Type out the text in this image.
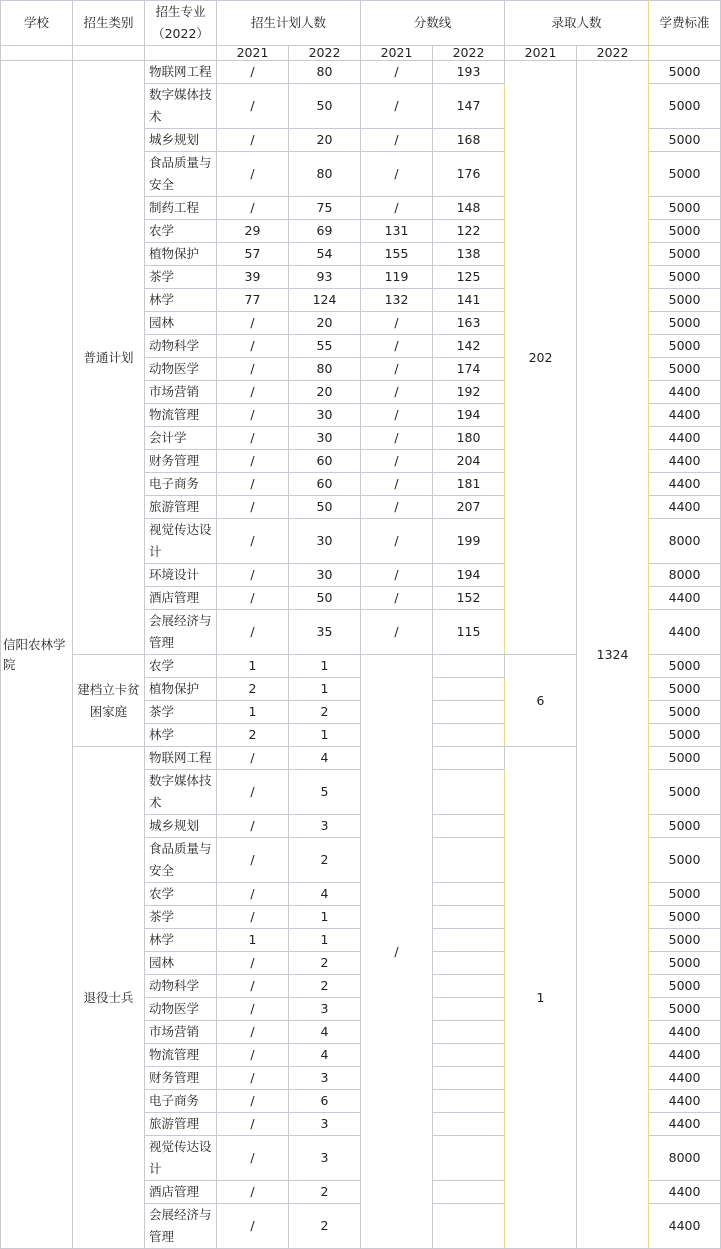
学校	招生类别	招生专业（2022）	招生计划人数		分数线		录取人数		学费标准
			2021	2022	2021	2022	2021	2022	
信阳农林学院	普通计划	物联网工程	/	80	/	193	202	1324	5000
		数字媒体技术	/	50	/	147			5000
		城乡规划	/	20	/	168			5000
		食品质量与安全	/	80	/	176			5000
		制药工程	/	75	/	148			5000
		农学	29	69	131	122			5000
		植物保护	57	54	155	138			5000
		茶学	39	93	119	125			5000
		林学	77	124	132	141			5000
		园林	/	20	/	163			5000
		动物科学	/	55	/	142			5000
		动物医学	/	80	/	174			5000
		市场营销	/	20	/	192			4400
		物流管理	/	30	/	194			4400
		会计学	/	30	/	180			4400
		财务管理	/	60	/	204			4400
		电子商务	/	60	/	181			4400
		旅游管理	/	50	/	207			4400
		视觉传达设计	/	30	/	199			8000
		环境设计	/	30	/	194			8000
		酒店管理	/	50	/	152			4400
		会展经济与管理	/	35	/	115			4400
	建档立卡贫困家庭	农学	1	1	/		6		5000
		植物保护	2	1					5000
		茶学	1	2					5000
		林学	2	1					5000
	退役士兵	物联网工程	/	4			1		5000
		数字媒体技术	/	5					5000
		城乡规划	/	3					5000
		食品质量与安全	/	2					5000
		农学	/	4					5000
		茶学	/	1					5000
		林学	1	1					5000
		园林	/	2					5000
		动物科学	/	2					5000
		动物医学	/	3					5000
		市场营销	/	4					4400
		物流管理	/	4					4400
		财务管理	/	3					4400
		电子商务	/	6					4400
		旅游管理	/	3					4400
		视觉传达设计	/	3					8000
		酒店管理	/	2					4400
		会展经济与管理	/	2					4400
